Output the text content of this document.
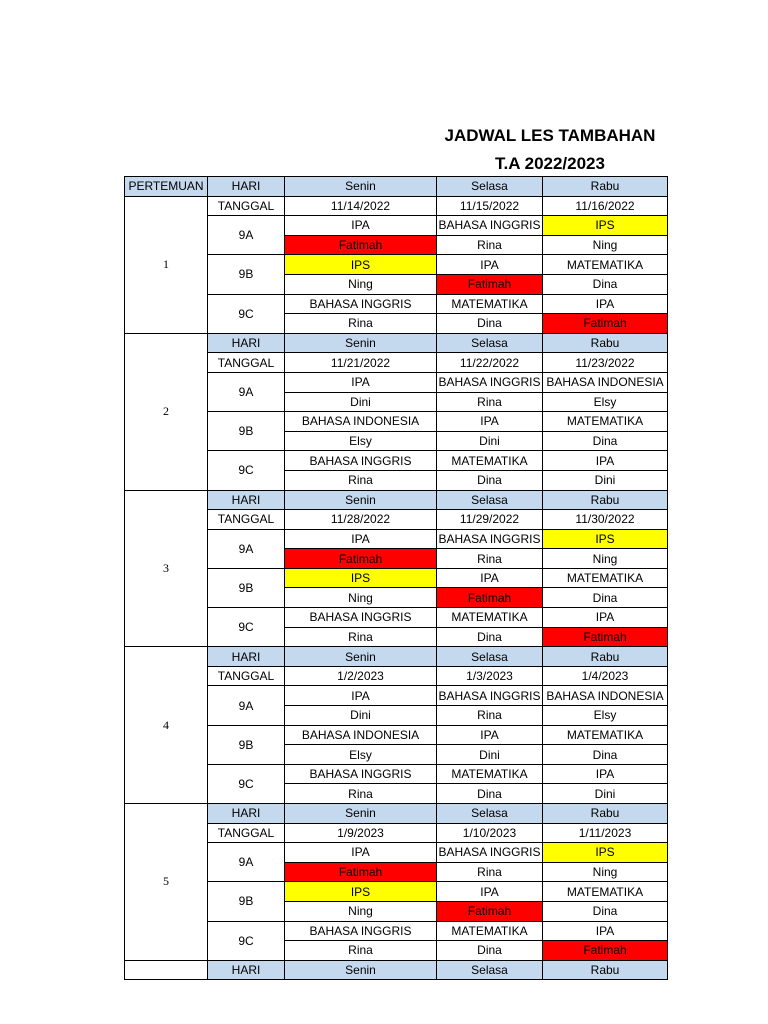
JADWAL LES TAMBAHAN
T.A 2022/2023
PERTEMUAN	HARI	Senin	Selasa	Rabu
1	TANGGAL	11/14/2022	11/15/2022	11/16/2022
	9A	IPA	BAHASA INGGRIS	IPS
		Fatimah	Rina	Ning
	9B	IPS	IPA	MATEMATIKA
		Ning	Fatimah	Dina
	9C	BAHASA INGGRIS	MATEMATIKA	IPA
		Rina	Dina	Fatimah
2	HARI	Senin	Selasa	Rabu
	TANGGAL	11/21/2022	11/22/2022	11/23/2022
	9A	IPA	BAHASA INGGRIS	BAHASA INDONESIA
		Dini	Rina	Elsy
	9B	BAHASA INDONESIA	IPA	MATEMATIKA
		Elsy	Dini	Dina
	9C	BAHASA INGGRIS	MATEMATIKA	IPA
		Rina	Dina	Dini
3	HARI	Senin	Selasa	Rabu
	TANGGAL	11/28/2022	11/29/2022	11/30/2022
	9A	IPA	BAHASA INGGRIS	IPS
		Fatimah	Rina	Ning
	9B	IPS	IPA	MATEMATIKA
		Ning	Fatimah	Dina
	9C	BAHASA INGGRIS	MATEMATIKA	IPA
		Rina	Dina	Fatimah
4	HARI	Senin	Selasa	Rabu
	TANGGAL	1/2/2023	1/3/2023	1/4/2023
	9A	IPA	BAHASA INGGRIS	BAHASA INDONESIA
		Dini	Rina	Elsy
	9B	BAHASA INDONESIA	IPA	MATEMATIKA
		Elsy	Dini	Dina
	9C	BAHASA INGGRIS	MATEMATIKA	IPA
		Rina	Dina	Dini
5	HARI	Senin	Selasa	Rabu
	TANGGAL	1/9/2023	1/10/2023	1/11/2023
	9A	IPA	BAHASA INGGRIS	IPS
		Fatimah	Rina	Ning
	9B	IPS	IPA	MATEMATIKA
		Ning	Fatimah	Dina
	9C	BAHASA INGGRIS	MATEMATIKA	IPA
		Rina	Dina	Fatimah
	HARI	Senin	Selasa	Rabu
